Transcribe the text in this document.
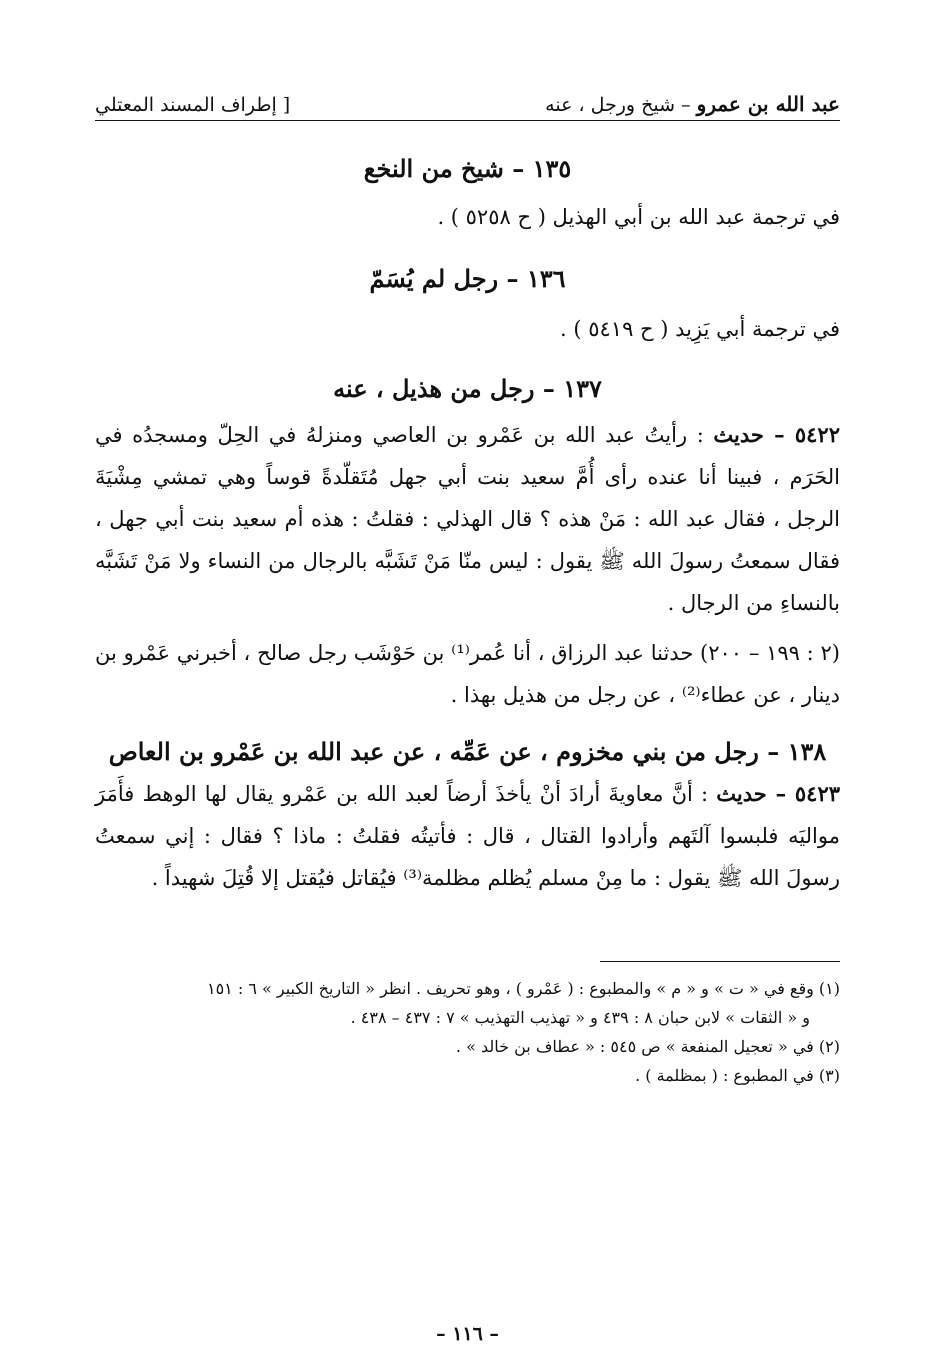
عبد الله بن عمرو – شيخ ورجل ، عنه
[ إطراف المسند المعتلي
١٣٥ – شيخ من النخع

في ترجمة عبد الله بن أبي الهذيل ( ح ٥٢٥٨ ) .

١٣٦ – رجل لم يُسَمّ

في ترجمة أبي يَزِيد ( ح ٥٤١٩ ) .

١٣٧ – رجل من هذيل ، عنه

٥٤٢٢ – حديث : رأيتُ عبد الله بن عَمْرو بن العاصي ومنزلهُ في الحِلّ ومسجدُه في الحَرَم ، فبينا أنا عنده رأى أُمَّ سعيد بنت أبي جهل مُتَقلّدةً قوساً وهي تمشي مِشْيَةَ الرجل ، فقال عبد الله : مَنْ هذه ؟ قال الهذلي : فقلتُ : هذه أم سعيد بنت أبي جهل ، فقال سمعتُ رسولَ الله ﷺ يقول : ليس منّا مَنْ تَشَبَّه بالرجال من النساء ولا مَنْ تَشَبَّه بالنساءِ من الرجال .

(٢ : ١٩٩ – ٢٠٠) حدثنا عبد الرزاق ، أنا عُمر⁽¹⁾ بن حَوْشَب رجل صالح ، أخبرني عَمْرو بن دينار ، عن عطاء⁽²⁾ ، عن رجل من هذيل بهذا .

١٣٨ – رجل من بني مخزوم ، عن عَمِّه ، عن عبد الله بن عَمْرو بن العاص

٥٤٢٣ – حديث : أنَّ معاويةَ أرادَ أنْ يأخذَ أرضاً لعبد الله بن عَمْرو يقال لها الوهط فأَمَرَ مواليَه فلبسوا آلتَهم وأرادوا القتال ، قال : فأتيتُه فقلتُ : ماذا ؟ فقال : إني سمعتُ رسولَ الله ﷺ يقول : ما مِنْ مسلم يُظلم مظلمة⁽³⁾ فيُقاتل فيُقتل إلا قُتِلَ شهيداً .

(١) وقع في « ت » و « م » والمطبوع : ( عَمْرو ) ، وهو تحريف . انظر « التاريخ الكبير » ٦ : ١٥١

و « الثقات » لابن حبان ٨ : ٤٣٩ و « تهذيب التهذيب » ٧ : ٤٣٧ – ٤٣٨ .

(٢) في « تعجيل المنفعة » ص ٥٤٥ : « عطاف بن خالد » .

(٣) في المطبوع : ( بمظلمة ) .

– ١١٦ –
